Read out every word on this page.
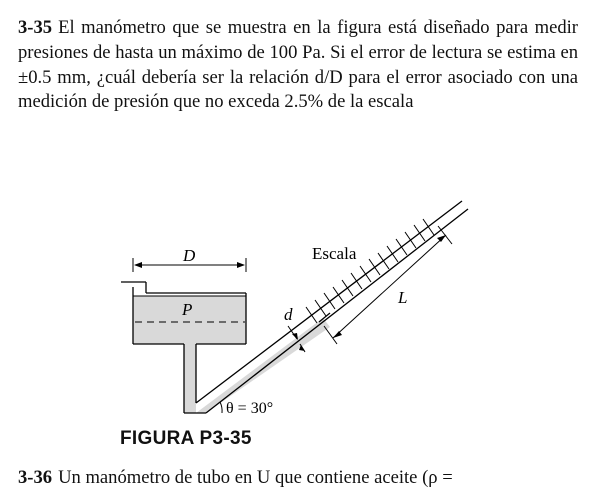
3-35 El manómetro que se muestra en la figura está diseñado para medir presiones de hasta un máximo de 100 Pa. Si el error de lectura se estima en ±0.5 mm, ¿cuál debería ser la relación d/D para el error asociado con una medición de presión que no exceda 2.5% de la escala
D
P	d
Escala
L
θ = 30°
FIGURA P3-35
3-36 Un manómetro de tubo en U que contiene aceite (ρ =
